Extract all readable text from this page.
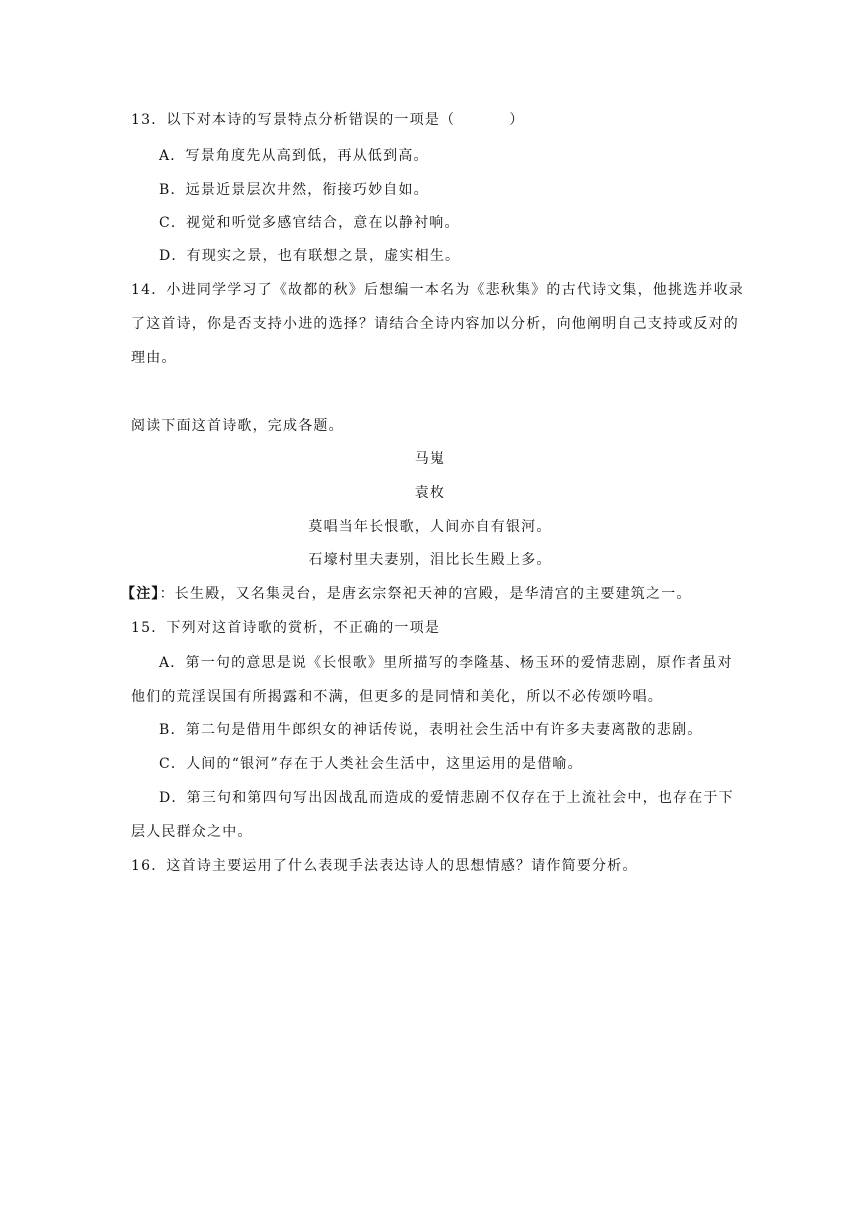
13．以下对本诗的写景特点分析错误的一项是（	）
A．写景角度先从高到低，再从低到高。
B．远景近景层次井然，衔接巧妙自如。
C．视觉和听觉多感官结合，意在以静衬响。
D．有现实之景，也有联想之景，虚实相生。
14．小进同学学习了《故都的秋》后想编一本名为《悲秋集》的古代诗文集，他挑选并收录
了这首诗，你是否支持小进的选择？请结合全诗内容加以分析，向他阐明自己支持或反对的
理由。
阅读下面这首诗歌，完成各题。
马嵬
袁枚
莫唱当年长恨歌，人间亦自有银河。
石壕村里夫妻别，泪比长生殿上多。
【注】：长生殿，又名集灵台，是唐玄宗祭祀天神的宫殿，是华清宫的主要建筑之一。
15．下列对这首诗歌的赏析，不正确的一项是
A．第一句的意思是说《长恨歌》里所描写的李隆基、杨玉环的爱情悲剧，原作者虽对
他们的荒淫误国有所揭露和不满，但更多的是同情和美化，所以不必传颂吟唱。
B．第二句是借用牛郎织女的神话传说，表明社会生活中有许多夫妻离散的悲剧。
C．人间的“银河”存在于人类社会生活中，这里运用的是借喻。
D．第三句和第四句写出因战乱而造成的爱情悲剧不仅存在于上流社会中，也存在于下
层人民群众之中。
16．这首诗主要运用了什么表现手法表达诗人的思想情感？请作简要分析。
